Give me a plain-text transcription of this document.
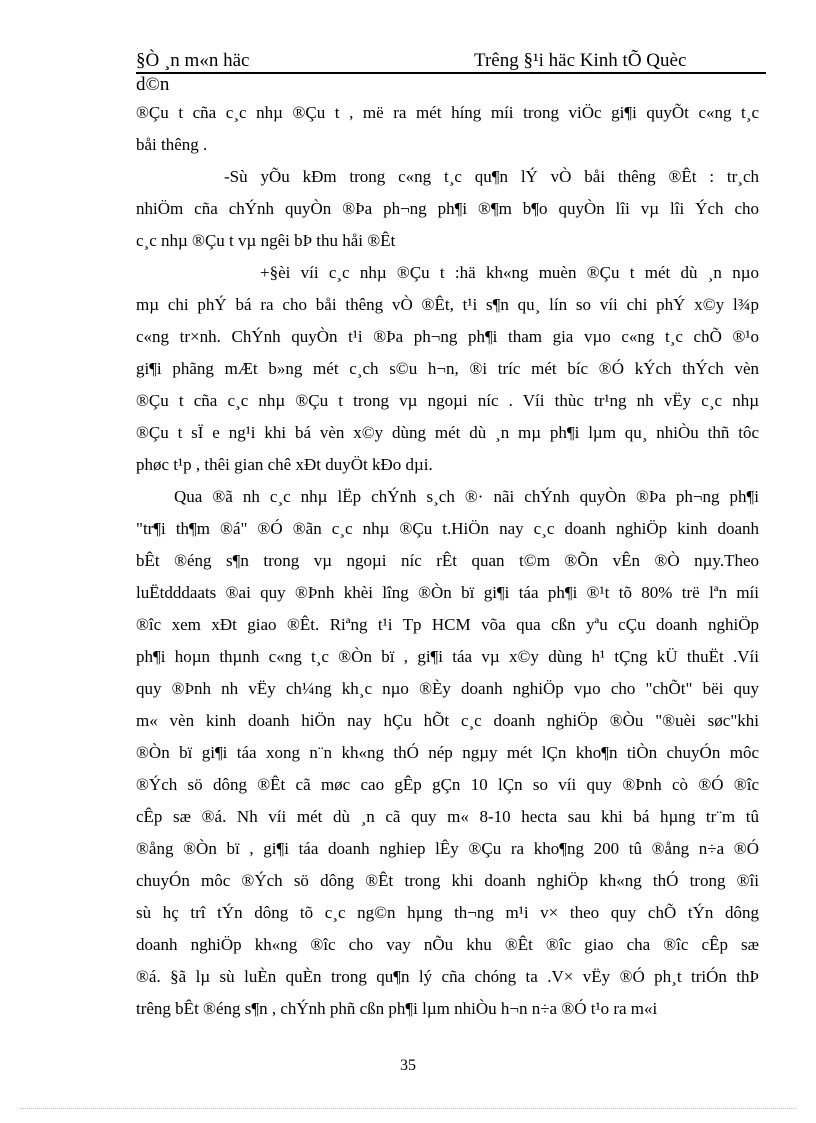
§Ò ¸n m«n häc	Trêng §¹i häc Kinh tÕ Quèc
d©n
®Çu t cña c¸c nhµ ®Çu t , më ra mét híng míi trong viÖc gi¶i quyÕt c«ng t¸c
båi thêng .
-Sù yÕu kÐm trong c«ng t¸c qu¶n lÝ vÒ båi thêng ®Êt : tr¸ch
nhiÖm cña chÝnh quyÒn ®Þa ph¬ng ph¶i ®¶m b¶o quyÒn lîi vµ lîi Ých cho
c¸c nhµ ®Çu t vµ ngêi bÞ thu håi ®Êt
+§èi víi c¸c nhµ ®Çu t :hä kh«ng muèn ®Çu t mét dù ¸n nµo
mµ chi phÝ bá ra cho båi thêng vÒ ®Êt, t¹i s¶n qu¸ lín so víi chi phÝ x©y l¾p
c«ng tr×nh. ChÝnh quyÒn t¹i ®Þa ph¬ng ph¶i tham gia vµo c«ng t¸c chÕ ®¹o
gi¶i phãng mÆt b»ng mét c¸ch s©u h¬n, ®i tríc mét bíc ®Ó kÝch thÝch vèn
®Çu t cña c¸c nhµ ®Çu t trong vµ ngoµi níc . Víi thùc tr¹ng nh vËy c¸c nhµ
®Çu t sÏ e ng¹i khi bá vèn x©y dùng mét dù ¸n mµ ph¶i lµm qu¸ nhiÒu thñ tôc
phøc t¹p , thêi gian chê xÐt duyÖt kÐo dµi.
Qua ®ã nh c¸c nhµ lËp chÝnh s¸ch ®· nãi chÝnh quyÒn ®Þa ph¬ng ph¶i
"tr¶i th¶m ®á" ®Ó ®ãn c¸c nhµ ®Çu t.HiÖn nay c¸c doanh nghiÖp kinh doanh
bÊt ®éng s¶n trong vµ ngoµi níc rÊt quan t©m ®Õn vÊn ®Ò nµy.Theo
luËtdddaats ®ai quy ®Þnh khèi lîng ®Òn bï gi¶i táa ph¶i ®¹t tõ 80% trë lªn míi
®îc xem xÐt giao ®Êt. Riªng t¹i Tp HCM võa qua cßn yªu cÇu doanh nghiÖp
ph¶i hoµn thµnh c«ng t¸c ®Òn bï , gi¶i táa vµ x©y dùng h¹ tÇng kÜ thuËt .Víi
quy ®Þnh nh vËy ch¼ng kh¸c nµo ®Èy doanh nghiÖp vµo cho "chÕt" bëi quy
m« vèn kinh doanh hiÖn nay hÇu hÕt c¸c doanh nghiÖp ®Òu "®uèi søc"khi
®Òn bï gi¶i táa xong n¨n kh«ng thÓ nép ngµy mét lÇn kho¶n tiÒn chuyÓn môc
®Ých sö dông ®Êt cã møc cao gÊp gÇn 10 lÇn so víi quy ®Þnh cò ®Ó ®îc
cÊp sæ ®á. Nh víi mét dù ¸n cã quy m« 8-10 hecta sau khi bá hµng tr¨m tû
®ång ®Òn bï , gi¶i táa doanh nghiep lÊy ®Çu ra kho¶ng 200 tû ®ång n÷a ®Ó
chuyÓn môc ®Ých sö dông ®Êt trong khi doanh nghiÖp kh«ng thÓ trong ®îi
sù hç trî tÝn dông tõ c¸c ng©n hµng th¬ng m¹i v× theo quy chÕ tÝn dông
doanh nghiÖp kh«ng ®îc cho vay nÕu khu ®Êt ®îc giao cha ®îc cÊp sæ
®á. §ã lµ sù luÈn quÈn trong qu¶n lý cña chóng ta .V× vËy ®Ó ph¸t triÓn thÞ
trêng bÊt ®éng s¶n , chÝnh phñ cßn ph¶i lµm nhiÒu h¬n n÷a ®Ó t¹o ra m«i
35
